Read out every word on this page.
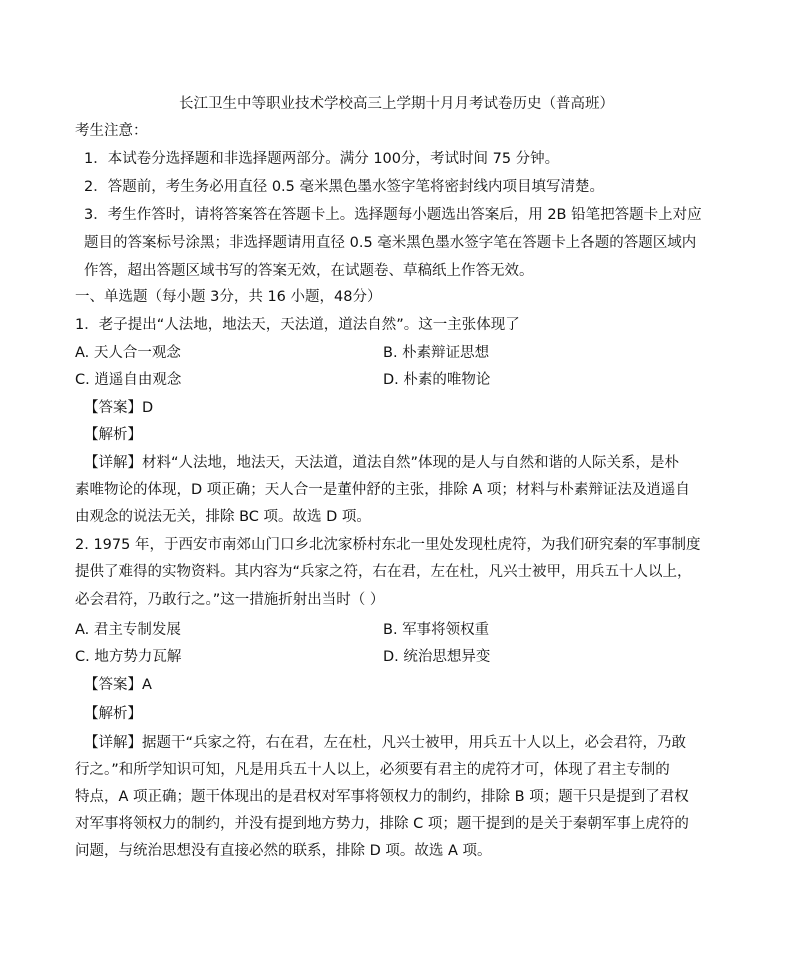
长江卫生中等职业技术学校高三上学期十月月考试卷历史（普高班）
考生注意：
1．本试卷分选择题和非选择题两部分。满分 100分，考试时间 75 分钟。
2．答题前，考生务必用直径 0.5 毫米黑色墨水签字笔将密封线内项目填写清楚。
3．考生作答时，请将答案答在答题卡上。选择题每小题选出答案后，用 2B 铅笔把答题卡上对应
题目的答案标号涂黑；非选择题请用直径 0.5 毫米黑色墨水签字笔在答题卡上各题的答题区域内
作答，超出答题区域书写的答案无效，在试题卷、草稿纸上作答无效。
一、单选题（每小题 3分，共 16 小题，48分）
1．老子提出“人法地，地法天，天法道，道法自然”。这一主张体现了
A. 天人合一观念	B. 朴素辩证思想
C. 逍遥自由观念	D. 朴素的唯物论
【答案】D
【解析】
【详解】材料“人法地，地法天，天法道，道法自然”体现的是人与自然和谐的人际关系，是朴
素唯物论的体现，D 项正确；天人合一是董仲舒的主张，排除 A 项；材料与朴素辩证法及逍遥自
由观念的说法无关，排除 BC 项。故选 D 项。
2. 1975 年，于西安市南郊山门口乡北沈家桥村东北一里处发现杜虎符，为我们研究秦的军事制度
提供了难得的实物资料。其内容为“兵家之符，右在君，左在杜，凡兴士被甲，用兵五十人以上，
必会君符，乃敢行之。”这一措施折射出当时（ ）
A. 君主专制发展	B. 军事将领权重
C. 地方势力瓦解	D. 统治思想异变
【答案】A
【解析】
【详解】据题干“兵家之符，右在君，左在杜，凡兴士被甲，用兵五十人以上，必会君符，乃敢
行之。”和所学知识可知，凡是用兵五十人以上，必须要有君主的虎符才可，体现了君主专制的
特点，A 项正确；题干体现出的是君权对军事将领权力的制约，排除 B 项；题干只是提到了君权
对军事将领权力的制约，并没有提到地方势力，排除 C 项；题干提到的是关于秦朝军事上虎符的
问题，与统治思想没有直接必然的联系，排除 D 项。故选 A 项。
